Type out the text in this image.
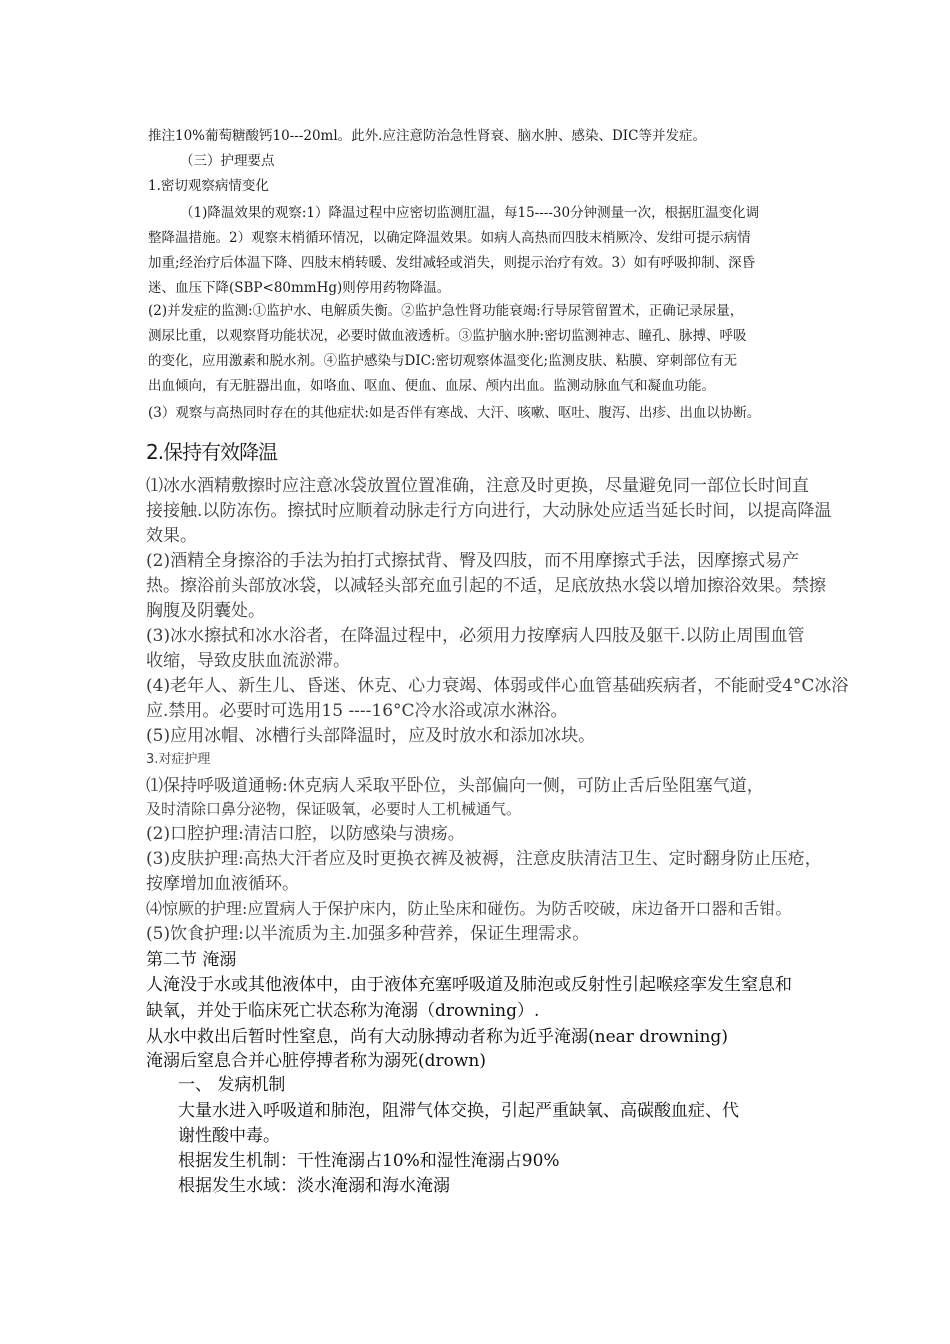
推注10%葡萄糖酸钙10---20ml。此外.应注意防治急性肾衰、脑水肿、感染、DIC等并发症。
（三）护理要点
1.密切观察病情变化
（1)降温效果的观察:1）降温过程中应密切监测肛温，每15----30分钟测量一次，根据肛温变化调
整降温措施。2）观察末梢循环情况，以确定降温效果。如病人高热而四肢末梢厥冷、发绀可提示病情
加重;经治疗后体温下降、四肢末梢转暖、发绀减轻或消失，则提示治疗有效。3）如有呼吸抑制、深昏
迷、血压下降(SBP<80mmHg)则停用药物降温。
(2)并发症的监测:①监护水、电解质失衡。②监护急性肾功能衰竭:行导尿管留置术，正确记录尿量，
测尿比重，以观察肾功能状况，必要时做血液透析。③监护脑水肿:密切监测神志、瞳孔、脉搏、呼吸
的变化，应用激素和脱水剂。④监护感染与DIC:密切观察体温变化;监测皮肤、粘膜、穿刺部位有无
出血倾向，有无脏器出血，如咯血、呕血、便血、血尿、颅内出血。监测动脉血气和凝血功能。
(3）观察与高热同时存在的其他症状:如是否伴有寒战、大汗、咳嗽、呕吐、腹泻、出疹、出血以协断。
2.保持有效降温
⑴冰水酒精敷擦时应注意冰袋放置位置准确，注意及时更换，尽量避免同一部位长时间直
接接触.以防冻伤。擦拭时应顺着动脉走行方向进行，大动脉处应适当延长时间，以提高降温
效果。
(2)酒精全身擦浴的手法为拍打式擦拭背、臀及四肢，而不用摩擦式手法，因摩擦式易产
热。擦浴前头部放冰袋，以减轻头部充血引起的不适，足底放热水袋以增加擦浴效果。禁擦
胸腹及阴囊处。
(3)冰水擦拭和冰水浴者，在降温过程中，必须用力按摩病人四肢及躯干.以防止周围血管
收缩，导致皮肤血流淤滞。
(4)老年人、新生儿、昏迷、休克、心力衰竭、体弱或伴心血管基础疾病者，不能耐受4°C冰浴
应.禁用。必要时可选用15 ----16°C冷水浴或凉水淋浴。
(5)应用冰帽、冰槽行头部降温时，应及时放水和添加冰块。
3.对症护理
⑴保持呼吸道通畅:休克病人采取平卧位，头部偏向一侧，可防止舌后坠阻塞气道，
及时清除口鼻分泌物，保证吸氧，必要时人工机械通气。
(2)口腔护理:清洁口腔，以防感染与溃疡。
(3)皮肤护理:高热大汗者应及时更换衣裤及被褥，注意皮肤清洁卫生、定时翻身防止压疮，
按摩增加血液循环。
⑷惊厥的护理:应置病人于保护床内，防止坠床和碰伤。为防舌咬破，床边备开口器和舌钳。
(5)饮食护理:以半流质为主.加强多种营养，保证生理需求。
第二节 淹溺
人淹没于水或其他液体中，由于液体充塞呼吸道及肺泡或反射性引起喉痉挛发生窒息和
缺氧，并处于临床死亡状态称为淹溺（drowning）.
从水中救出后暂时性窒息，尚有大动脉搏动者称为近乎淹溺(near drowning)
淹溺后窒息合并心脏停搏者称为溺死(drown)
一、 发病机制
大量水进入呼吸道和肺泡，阻滞气体交换，引起严重缺氧、高碳酸血症、代
谢性酸中毒。
根据发生机制：干性淹溺占10%和湿性淹溺占90%
根据发生水域：淡水淹溺和海水淹溺
